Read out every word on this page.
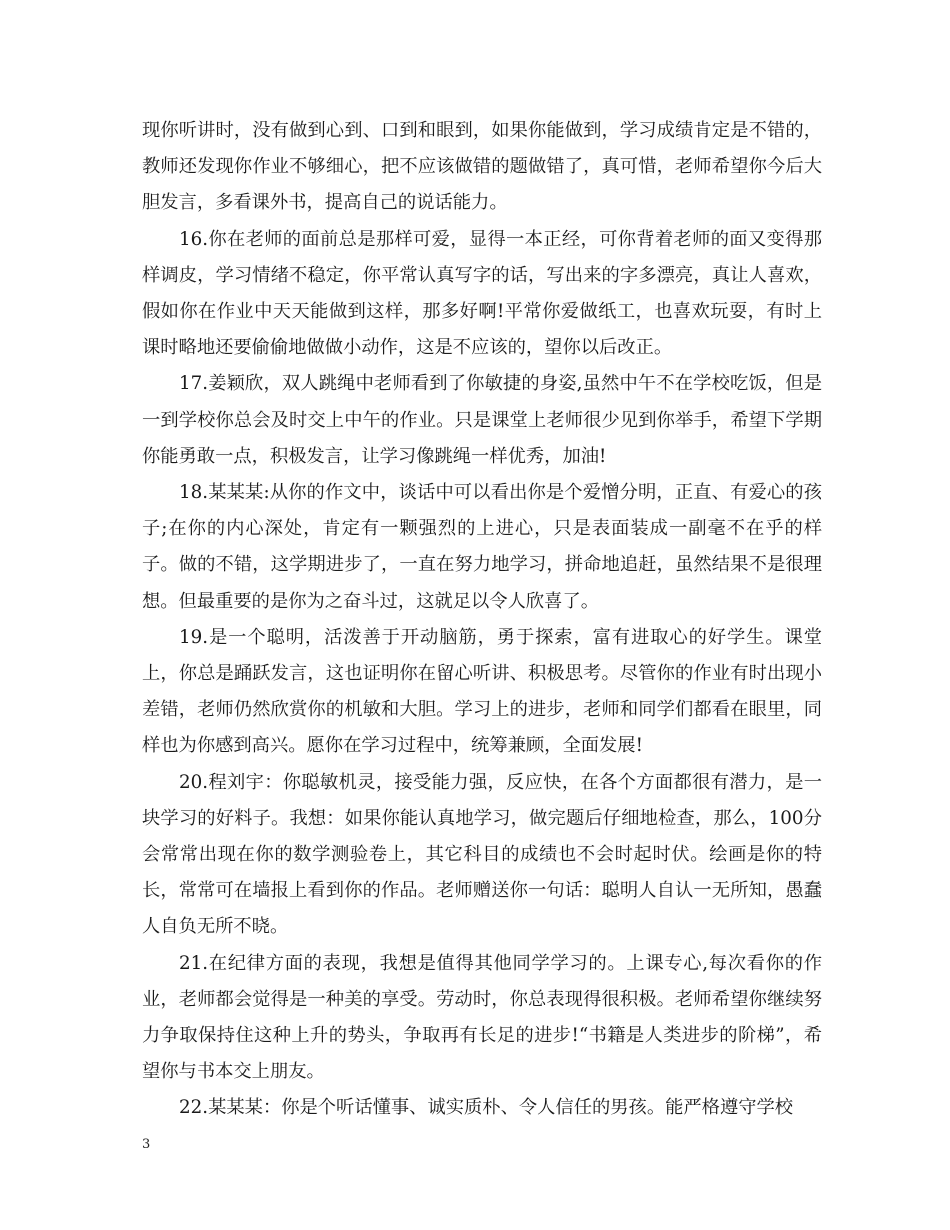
现你听讲时，没有做到心到、口到和眼到，如果你能做到，学习成绩肯定是不错的，教师还发现你作业不够细心，把不应该做错的题做错了，真可惜，老师希望你今后大胆发言，多看课外书，提高自己的说话能力。

16.你在老师的面前总是那样可爱，显得一本正经，可你背着老师的面又变得那样调皮，学习情绪不稳定，你平常认真写字的话，写出来的字多漂亮，真让人喜欢，假如你在作业中天天能做到这样，那多好啊!平常你爱做纸工，也喜欢玩耍，有时上课时略地还要偷偷地做做小动作，这是不应该的，望你以后改正。

17.姜颖欣，双人跳绳中老师看到了你敏捷的身姿,虽然中午不在学校吃饭，但是一到学校你总会及时交上中午的作业。只是课堂上老师很少见到你举手，希望下学期你能勇敢一点，积极发言，让学习像跳绳一样优秀，加油!

18.某某某:从你的作文中，谈话中可以看出你是个爱憎分明，正直、有爱心的孩子;在你的内心深处，肯定有一颗强烈的上进心，只是表面装成一副毫不在乎的样子。做的不错，这学期进步了，一直在努力地学习，拼命地追赶，虽然结果不是很理想。但最重要的是你为之奋斗过，这就足以令人欣喜了。

19.是一个聪明，活泼善于开动脑筋，勇于探索，富有进取心的好学生。课堂上，你总是踊跃发言，这也证明你在留心听讲、积极思考。尽管你的作业有时出现小差错，老师仍然欣赏你的机敏和大胆。学习上的进步，老师和同学们都看在眼里，同样也为你感到高兴。愿你在学习过程中，统筹兼顾，全面发展!

20.程刘宇：你聪敏机灵，接受能力强，反应快，在各个方面都很有潜力，是一块学习的好料子。我想：如果你能认真地学习，做完题后仔细地检查，那么，100分会常常出现在你的数学测验卷上，其它科目的成绩也不会时起时伏。绘画是你的特长，常常可在墙报上看到你的作品。老师赠送你一句话：聪明人自认一无所知，愚蠢人自负无所不晓。

21.在纪律方面的表现，我想是值得其他同学学习的。上课专心,每次看你的作业，老师都会觉得是一种美的享受。劳动时，你总表现得很积极。老师希望你继续努力争取保持住这种上升的势头，争取再有长足的进步!“书籍是人类进步的阶梯”，希望你与书本交上朋友。

22.某某某：你是个听话懂事、诚实质朴、令人信任的男孩。能严格遵守学校

3
